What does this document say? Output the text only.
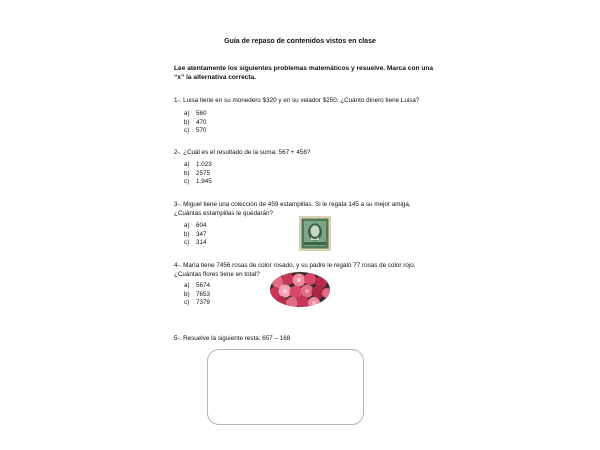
Guía de repaso de contenidos vistos en clase
Lee atentamente los siguientes problemas matemáticos y resuelve. Marca con una “x” la alternativa correcta.
1-. Luisa tiene en su monedero $320 y en su velador $250. ¿Cuánto dinero tiene Luisa?
a)	560
b)	470
c)	570
2-. ¿Cuál es el resultado de la suma: 567 + 456?
a)	1.023
b)	2575
c)	1.945
3-. Miguel tiene una colección de 459 estampillas. Si le regala 145 a su mejor amiga, ¿Cuántas estampillas le quedarán?
a)	604
b)	347
c)	314
4-. María tiene 7456 rosas de color rosado, y su padre le regaló 77 rosas de color rojo. ¿Cuántas flores tiene en total?
a)	5674
b)	7653
c)	7379
5-. Resuelve la siguiente resta: 657 – 168
